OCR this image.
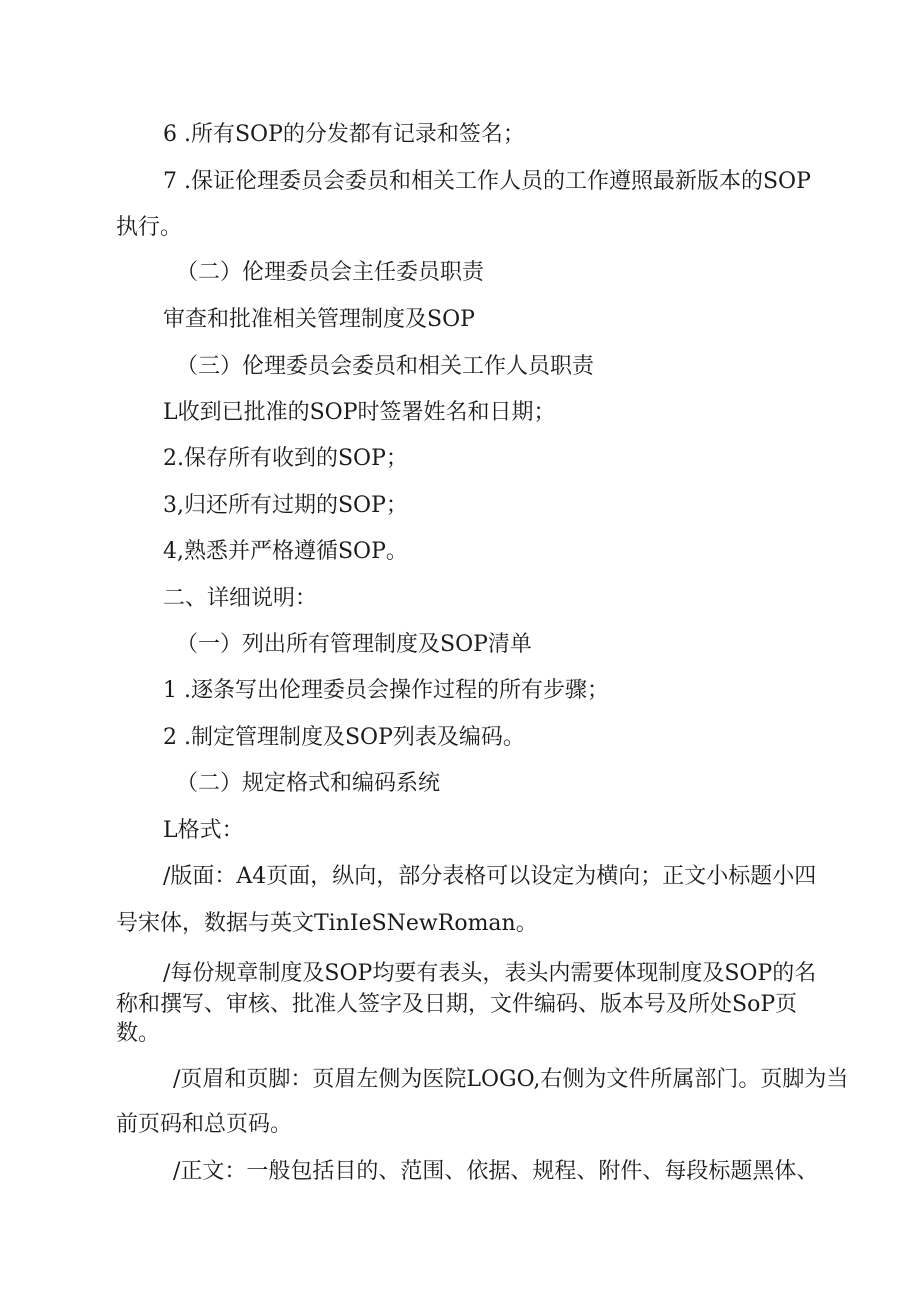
6 .所有SOP的分发都有记录和签名；
7 .保证伦理委员会委员和相关工作人员的工作遵照最新版本的SOP
执行。
（二）伦理委员会主任委员职责
审查和批准相关管理制度及SOP
（三）伦理委员会委员和相关工作人员职责
L收到已批准的SOP时签署姓名和日期；
2.保存所有收到的SOP；
3,归还所有过期的SOP；
4,熟悉并严格遵循SOP。
二、详细说明：
（一）列出所有管理制度及SOP清单
1 .逐条写出伦理委员会操作过程的所有步骤；
2 .制定管理制度及SOP列表及编码。
（二）规定格式和编码系统
L格式：
/版面：A4页面，纵向，部分表格可以设定为横向；正文小标题小四
号宋体，数据与英文TinIeSNewRoman。
/每份规章制度及SOP均要有表头，表头内需要体现制度及SOP的名
称和撰写、审核、批准人签字及日期，文件编码、版本号及所处SoP页
数。
/页眉和页脚：页眉左侧为医院LOGO,右侧为文件所属部门。页脚为当
前页码和总页码。
/正文：一般包括目的、范围、依据、规程、附件、每段标题黑体、
